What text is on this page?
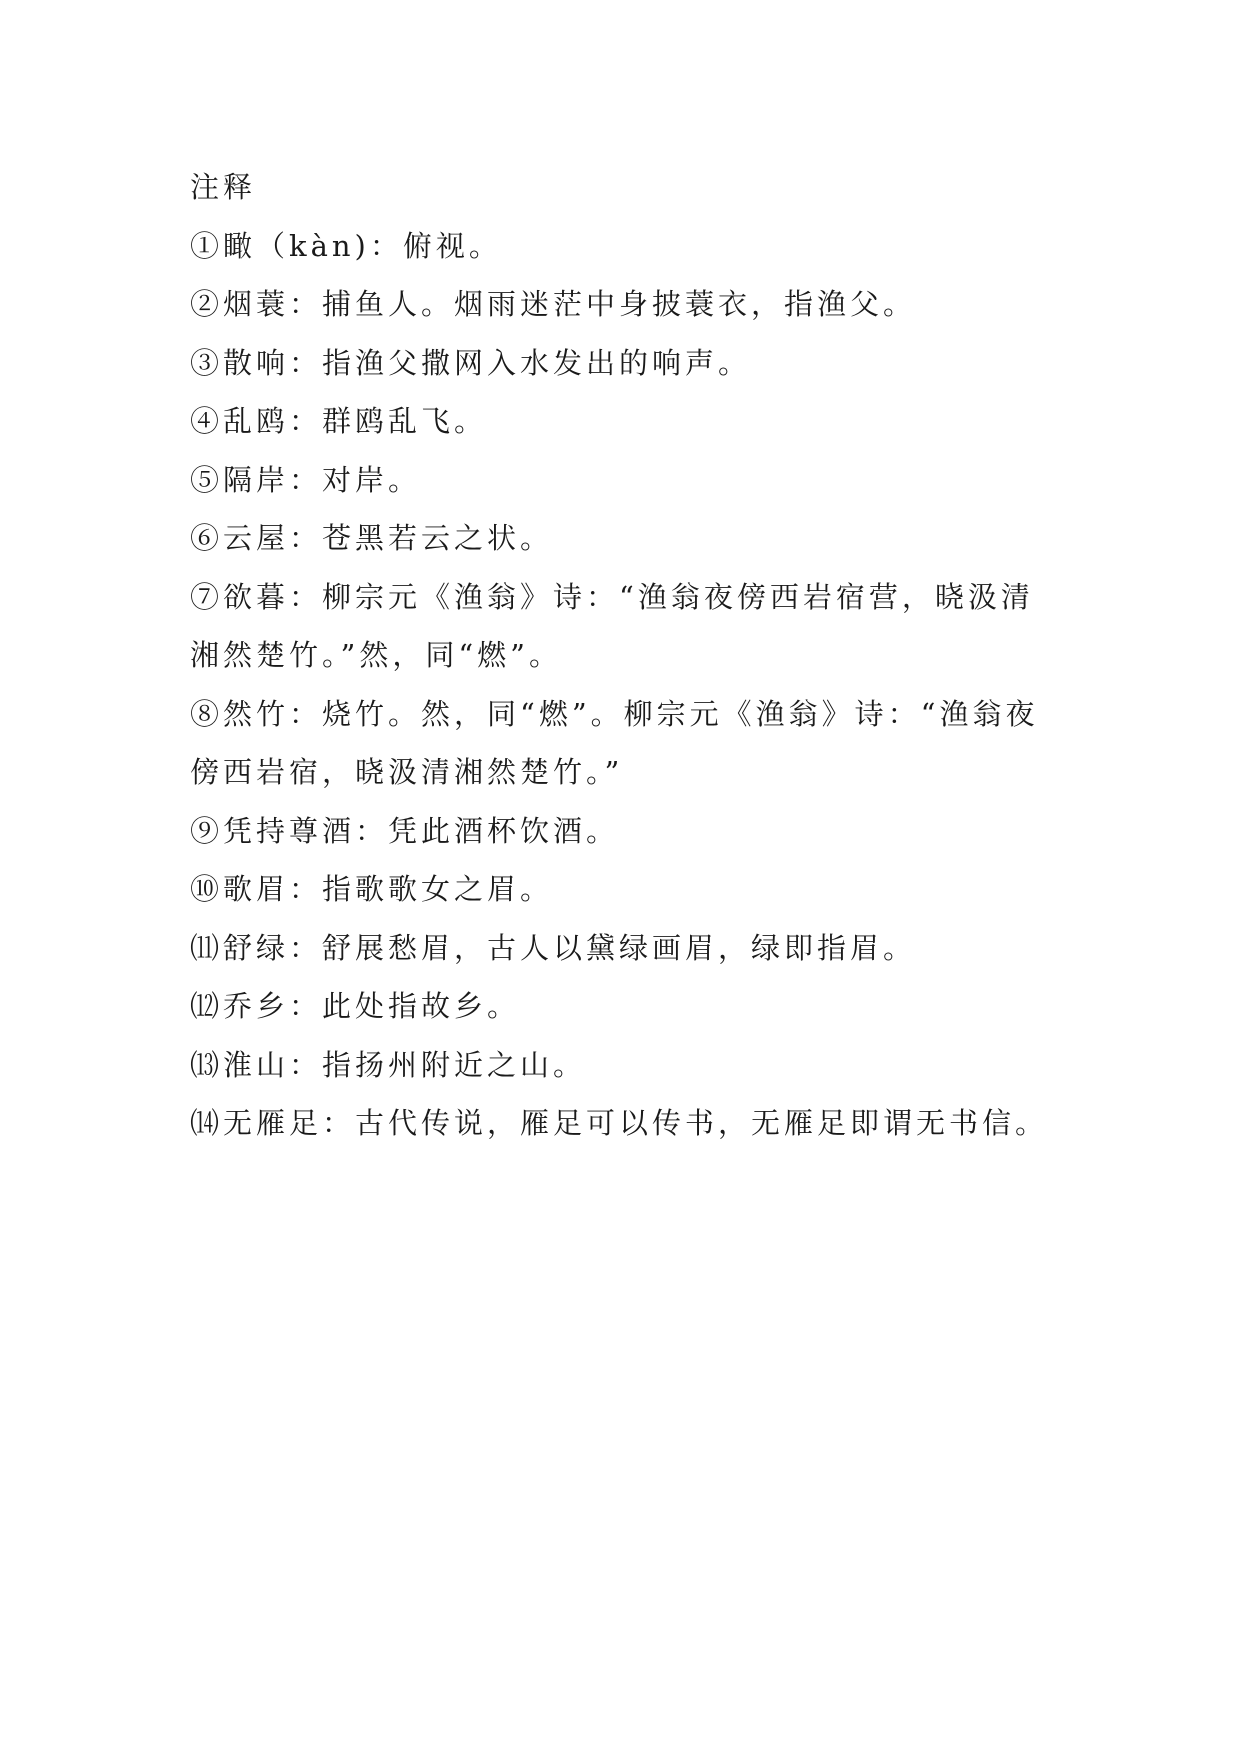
注释

①瞰（kàn)：俯视。

②烟蓑：捕鱼人。烟雨迷茫中身披蓑衣，指渔父。

③散响：指渔父撒网入水发出的响声。

④乱鸥：群鸥乱飞。

⑤隔岸：对岸。

⑥云屋：苍黑若云之状。

⑦欲暮：柳宗元《渔翁》诗：“渔翁夜傍西岩宿营，晓汲清

湘然楚竹。”然，同“燃”。

⑧然竹：烧竹。然，同“燃”。柳宗元《渔翁》诗：“渔翁夜

傍西岩宿，晓汲清湘然楚竹。”

⑨凭持尊酒：凭此酒杯饮酒。

⑩歌眉：指歌歌女之眉。

⑾舒绿：舒展愁眉，古人以黛绿画眉，绿即指眉。

⑿乔乡：此处指故乡。

⒀淮山：指扬州附近之山。

⒁无雁足：古代传说，雁足可以传书，无雁足即谓无书信。
